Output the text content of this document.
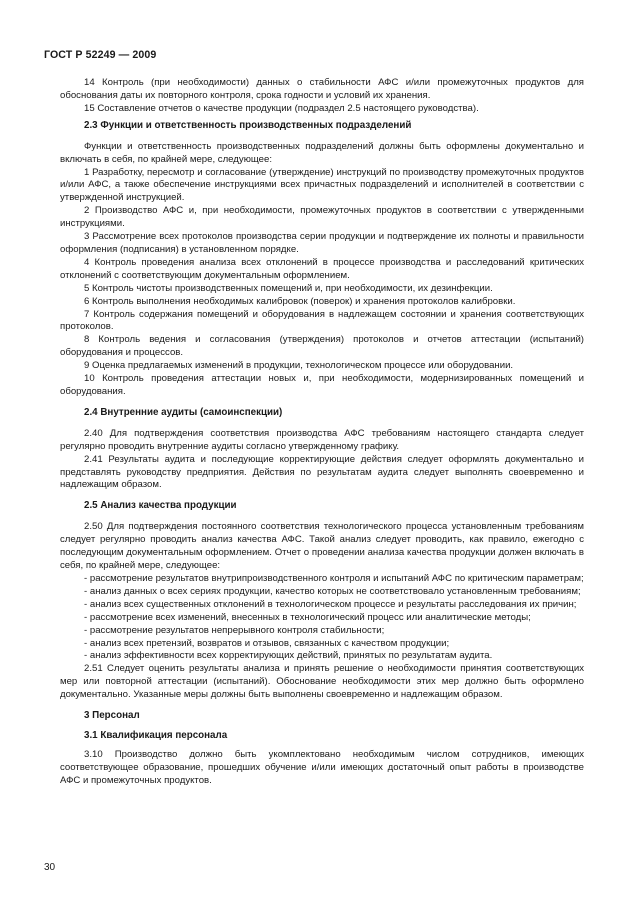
ГОСТ Р 52249 — 2009

14 Контроль (при необходимости) данных о стабильности АФС и/или промежуточных продуктов для обоснования даты их повторного контроля, срока годности и условий их хранения.

15 Составление отчетов о качестве продукции (подраздел 2.5 настоящего руководства).

2.3 Функции и ответственность производственных подразделений

Функции и ответственность производственных подразделений должны быть оформлены документально и включать в себя, по крайней мере, следующее:

1 Разработку, пересмотр и согласование (утверждение) инструкций по производству промежуточных продуктов и/или АФС, а также обеспечение инструкциями всех причастных подразделений и исполнителей в соответствии с утвержденной инструкцией.

2 Производство АФС и, при необходимости, промежуточных продуктов в соответствии с утвержденными инструкциями.

3 Рассмотрение всех протоколов производства серии продукции и подтверждение их полноты и правильности оформления (подписания) в установленном порядке.

4 Контроль проведения анализа всех отклонений в процессе производства и расследований критических отклонений с соответствующим документальным оформлением.

5 Контроль чистоты производственных помещений и, при необходимости, их дезинфекции.

6 Контроль выполнения необходимых калибровок (поверок) и хранения протоколов калибровки.

7 Контроль содержания помещений и оборудования в надлежащем состоянии и хранения соответствующих протоколов.

8 Контроль ведения и согласования (утверждения) протоколов и отчетов аттестации (испытаний) оборудования и процессов.

9 Оценка предлагаемых изменений в продукции, технологическом процессе или оборудовании.

10 Контроль проведения аттестации новых и, при необходимости, модернизированных помещений и оборудования.

2.4 Внутренние аудиты (самоинспекции)

2.40 Для подтверждения соответствия производства АФС требованиям настоящего стандарта следует регулярно проводить внутренние аудиты согласно утвержденному графику.

2.41 Результаты аудита и последующие корректирующие действия следует оформлять документально и представлять руководству предприятия. Действия по результатам аудита следует выполнять своевременно и надлежащим образом.

2.5 Анализ качества продукции

2.50 Для подтверждения постоянного соответствия технологического процесса установленным требованиям следует регулярно проводить анализ качества АФС. Такой анализ следует проводить, как правило, ежегодно с последующим документальным оформлением. Отчет о проведении анализа качества продукции должен включать в себя, по крайней мере, следующее:

- рассмотрение результатов внутрипроизводственного контроля и испытаний АФС по критическим параметрам;

- анализ данных о всех сериях продукции, качество которых не соответствовало установленным требованиям;

- анализ всех существенных отклонений в технологическом процессе и результаты расследования их причин;

- рассмотрение всех изменений, внесенных в технологический процесс или аналитические методы;

- рассмотрение результатов непрерывного контроля стабильности;

- анализ всех претензий, возвратов и отзывов, связанных с качеством продукции;

- анализ эффективности всех корректирующих действий, принятых по результатам аудита.

2.51 Следует оценить результаты анализа и принять решение о необходимости принятия соответствующих мер или повторной аттестации (испытаний). Обоснование необходимости этих мер должно быть оформлено документально. Указанные меры должны быть выполнены своевременно и надлежащим образом.

3 Персонал
3.1 Квалификация персонала

3.10 Производство должно быть укомплектовано необходимым числом сотрудников, имеющих соответствующее образование, прошедших обучение и/или имеющих достаточный опыт работы в производстве АФС и промежуточных продуктов.

30
